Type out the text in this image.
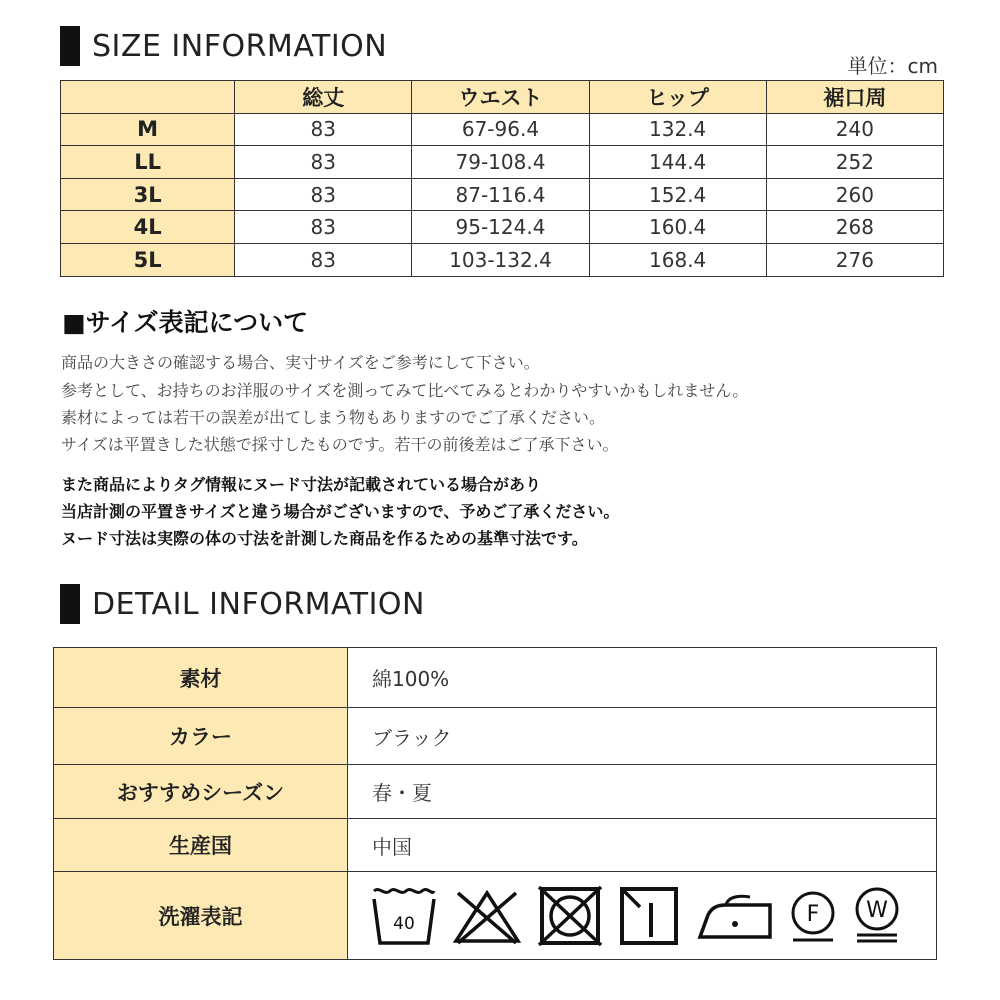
SIZE INFORMATION
単位：cm
	総丈	ウエスト	ヒップ	裾口周
M	83	67-96.4	132.4	240
LL	83	79-108.4	144.4	252
3L	83	87-116.4	152.4	260
4L	83	95-124.4	160.4	268
5L	83	103-132.4	168.4	276
■サイズ表記について
商品の大きさの確認する場合、実寸サイズをご参考にして下さい。
参考として、お持ちのお洋服のサイズを測ってみて比べてみるとわかりやすいかもしれません。
素材によっては若干の誤差が出てしまう物もありますのでご了承ください。
サイズは平置きした状態で採寸したものです。若干の前後差はご了承下さい。
また商品によりタグ情報にヌード寸法が記載されている場合があり
当店計測の平置きサイズと違う場合がございますので、予めご了承ください。
ヌード寸法は実際の体の寸法を計測した商品を作るための基準寸法です。
DETAIL INFORMATION
素材	綿100%
カラー	ブラック
おすすめシーズン	春・夏
生産国	中国
洗濯表記	40 F W
